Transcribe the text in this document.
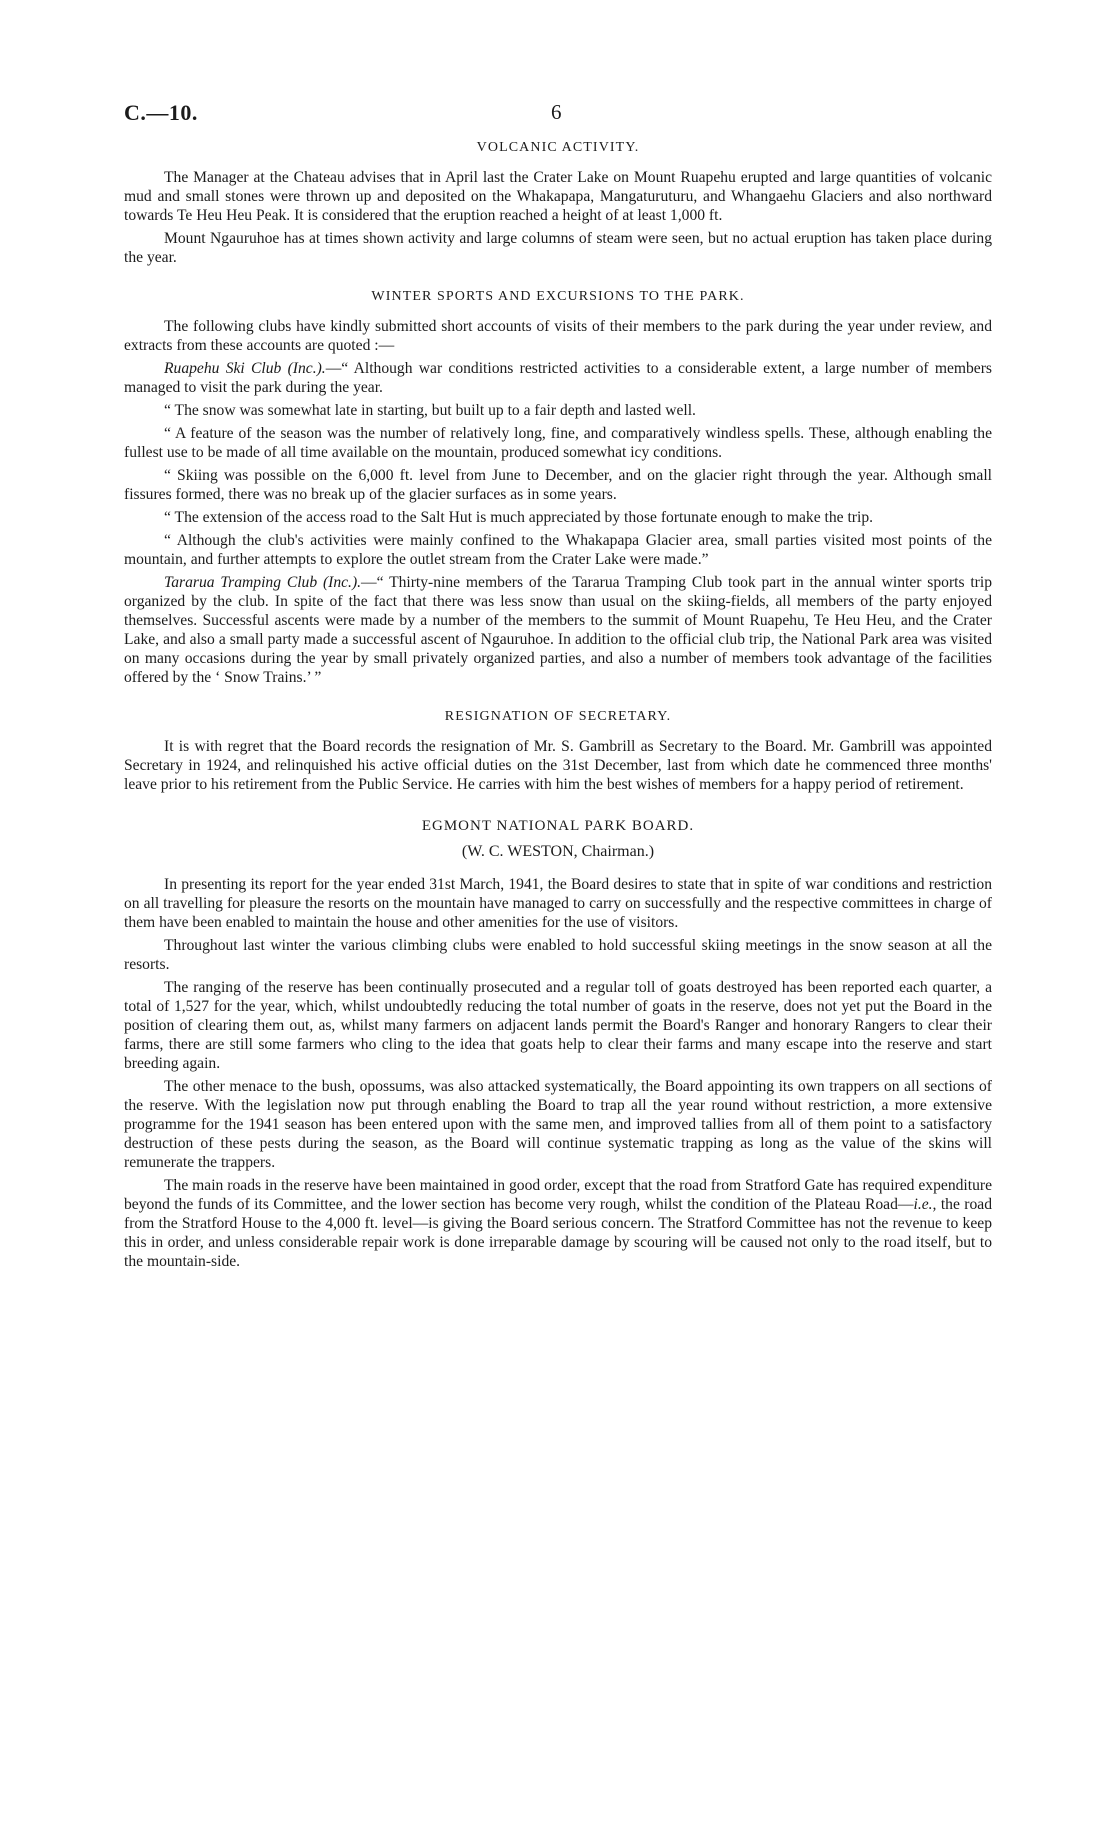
C.—10.	6
VOLCANIC ACTIVITY.

The Manager at the Chateau advises that in April last the Crater Lake on Mount Ruapehu erupted and large quantities of volcanic mud and small stones were thrown up and deposited on the Whakapapa, Mangaturuturu, and Whangaehu Glaciers and also northward towards Te Heu Heu Peak. It is considered that the eruption reached a height of at least 1,000 ft.

Mount Ngauruhoe has at times shown activity and large columns of steam were seen, but no actual eruption has taken place during the year.

WINTER SPORTS AND EXCURSIONS TO THE PARK.

The following clubs have kindly submitted short accounts of visits of their members to the park during the year under review, and extracts from these accounts are quoted :—

Ruapehu Ski Club (Inc.).—“ Although war conditions restricted activities to a considerable extent, a large number of members managed to visit the park during the year.

“ The snow was somewhat late in starting, but built up to a fair depth and lasted well.

“ A feature of the season was the number of relatively long, fine, and comparatively windless spells. These, although enabling the fullest use to be made of all time available on the mountain, produced somewhat icy conditions.

“ Skiing was possible on the 6,000 ft. level from June to December, and on the glacier right through the year. Although small fissures formed, there was no break up of the glacier surfaces as in some years.

“ The extension of the access road to the Salt Hut is much appreciated by those fortunate enough to make the trip.

“ Although the club's activities were mainly confined to the Whakapapa Glacier area, small parties visited most points of the mountain, and further attempts to explore the outlet stream from the Crater Lake were made.”

Tararua Tramping Club (Inc.).—“ Thirty-nine members of the Tararua Tramping Club took part in the annual winter sports trip organized by the club. In spite of the fact that there was less snow than usual on the skiing-fields, all members of the party enjoyed themselves. Successful ascents were made by a number of the members to the summit of Mount Ruapehu, Te Heu Heu, and the Crater Lake, and also a small party made a successful ascent of Ngauruhoe. In addition to the official club trip, the National Park area was visited on many occasions during the year by small privately organized parties, and also a number of members took advantage of the facilities offered by the ‘ Snow Trains.’ ”

RESIGNATION OF SECRETARY.

It is with regret that the Board records the resignation of Mr. S. Gambrill as Secretary to the Board. Mr. Gambrill was appointed Secretary in 1924, and relinquished his active official duties on the 31st December, last from which date he commenced three months' leave prior to his retirement from the Public Service. He carries with him the best wishes of members for a happy period of retirement.

EGMONT NATIONAL PARK BOARD.
(W. C. WESTON, Chairman.)

In presenting its report for the year ended 31st March, 1941, the Board desires to state that in spite of war conditions and restriction on all travelling for pleasure the resorts on the mountain have managed to carry on successfully and the respective committees in charge of them have been enabled to maintain the house and other amenities for the use of visitors.

Throughout last winter the various climbing clubs were enabled to hold successful skiing meetings in the snow season at all the resorts.

The ranging of the reserve has been continually prosecuted and a regular toll of goats destroyed has been reported each quarter, a total of 1,527 for the year, which, whilst undoubtedly reducing the total number of goats in the reserve, does not yet put the Board in the position of clearing them out, as, whilst many farmers on adjacent lands permit the Board's Ranger and honorary Rangers to clear their farms, there are still some farmers who cling to the idea that goats help to clear their farms and many escape into the reserve and start breeding again.

The other menace to the bush, opossums, was also attacked systematically, the Board appointing its own trappers on all sections of the reserve. With the legislation now put through enabling the Board to trap all the year round without restriction, a more extensive programme for the 1941 season has been entered upon with the same men, and improved tallies from all of them point to a satisfactory destruction of these pests during the season, as the Board will continue systematic trapping as long as the value of the skins will remunerate the trappers.

The main roads in the reserve have been maintained in good order, except that the road from Stratford Gate has required expenditure beyond the funds of its Committee, and the lower section has become very rough, whilst the condition of the Plateau Road—i.e., the road from the Stratford House to the 4,000 ft. level—is giving the Board serious concern. The Stratford Committee has not the revenue to keep this in order, and unless considerable repair work is done irreparable damage by scouring will be caused not only to the road itself, but to the mountain-side.
